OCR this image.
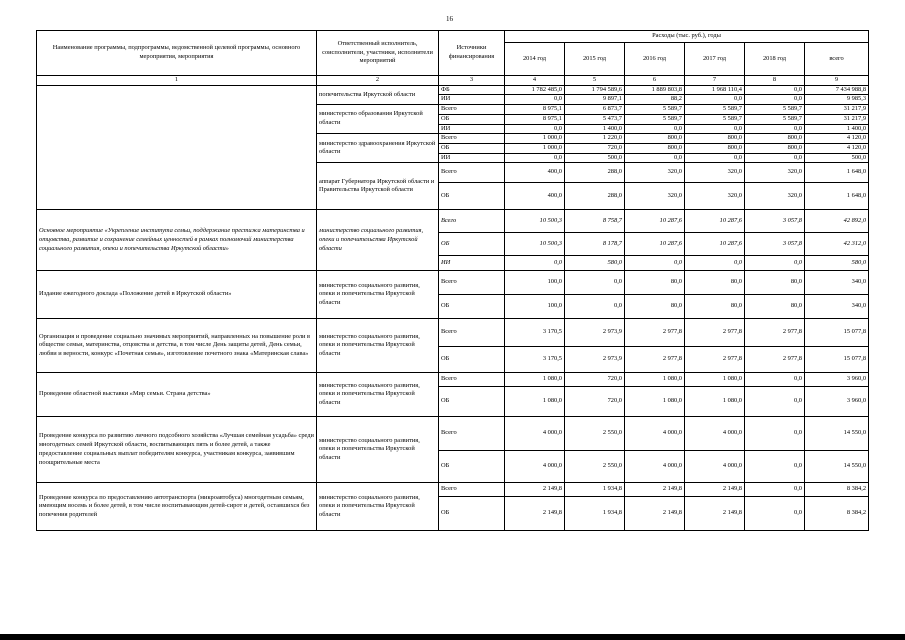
16
Наименование программы, подпрограммы, ведомственной целевой программы, основного мероприятия, мероприятия	Ответственный исполнитель, соисполнители, участники, исполнители мероприятий	Источники финансирования	Расходы (тыс. руб.), годы					
			2014 год	2015 год	2016 год	2017 год	2018 год	всего
1	2	3	4	5	6	7	8	9
	попечительства Иркутской области	ФБ	1 782 485,0	1 794 589,6	1 889 803,8	1 968 110,4	0,0	7 434 988,8
		ИИ	0,0	9 897,1	88,2	0,0	0,0	9 985,3
	министерство образования Иркутской области	Всего	8 975,1	6 873,7	5 589,7	5 589,7	5 589,7	31 217,9
		ОБ	8 975,1	5 473,7	5 589,7	5 589,7	5 589,7	31 217,9
		ИИ	0,0	1 400,0	0,0	0,0	0,0	1 400,0
	министерство здравоохранения Иркутской области	Всего	1 000,0	1 220,0	800,0	800,0	800,0	4 120,0
		ОБ	1 000,0	720,0	800,0	800,0	800,0	4 120,0
		ИИ	0,0	500,0	0,0	0,0	0,0	500,0
	аппарат Губернатора Иркутской области и Правительства Иркутской области	Всего	400,0	288,0	320,0	320,0	320,0	1 648,0
		ОБ	400,0	288,0	320,0	320,0	320,0	1 648,0
Основное мероприятие «Укрепление института семьи, поддержание престижа материнства и отцовства, развитие и сохранение семейных ценностей в рамках полномочий министерства социального развития, опеки и попечительства Иркутской области»	министерство социального развития, опеки и попечительства Иркутской области	Всего	10 500,3	8 758,7	10 287,6	10 287,6	3 057,8	42 892,0
		ОБ	10 500,3	8 178,7	10 287,6	10 287,6	3 057,8	42 312,0
		ИИ	0,0	580,0	0,0	0,0	0,0	580,0
Издание ежегодного доклада «Положение детей в Иркутской области»	министерство социального развития, опеки и попечительства Иркутской области	Всего	100,0	0,0	80,0	80,0	80,0	340,0
		ОБ	100,0	0,0	80,0	80,0	80,0	340,0
Организация и проведение социально значимых мероприятий, направленных на повышение роли в обществе семьи, материнства, отцовства и детства, в том числе День защиты детей, День семьи, любви и верности, конкурс «Почетная семья», изготовление почетного знака «Материнская слава»	министерство социального развития, опеки и попечительства Иркутской области	Всего	3 170,5	2 973,9	2 977,8	2 977,8	2 977,8	15 077,8
		ОБ	3 170,5	2 973,9	2 977,8	2 977,8	2 977,8	15 077,8
Проведение областной выставки «Мир семьи. Страна детства»	министерство социального развития, опеки и попечительства Иркутской области	Всего	1 080,0	720,0	1 080,0	1 080,0	0,0	3 960,0
		ОБ	1 080,0	720,0	1 080,0	1 080,0	0,0	3 960,0
Проведение конкурса по развитию личного подсобного хозяйства «Лучшая семейная усадьба» среди многодетных семей Иркутской области, воспитывающих пять и более детей, а также предоставление социальных выплат победителям конкурса, участникам конкурса, заявившим поощрительные места	министерство социального развития, опеки и попечительства Иркутской области	Всего	4 000,0	2 550,0	4 000,0	4 000,0	0,0	14 550,0
		ОБ	4 000,0	2 550,0	4 000,0	4 000,0	0,0	14 550,0
Проведение конкурса по предоставлению автотранспорта (микроавтобуса) многодетным семьям, имеющим восемь и более детей, в том числе воспитывающим детей-сирот и детей, оставшихся без попечения родителей	министерство социального развития, опеки и попечительства Иркутской области	Всего	2 149,8	1 934,8	2 149,8	2 149,8	0,0	8 384,2
		ОБ	2 149,8	1 934,8	2 149,8	2 149,8	0,0	8 384,2
